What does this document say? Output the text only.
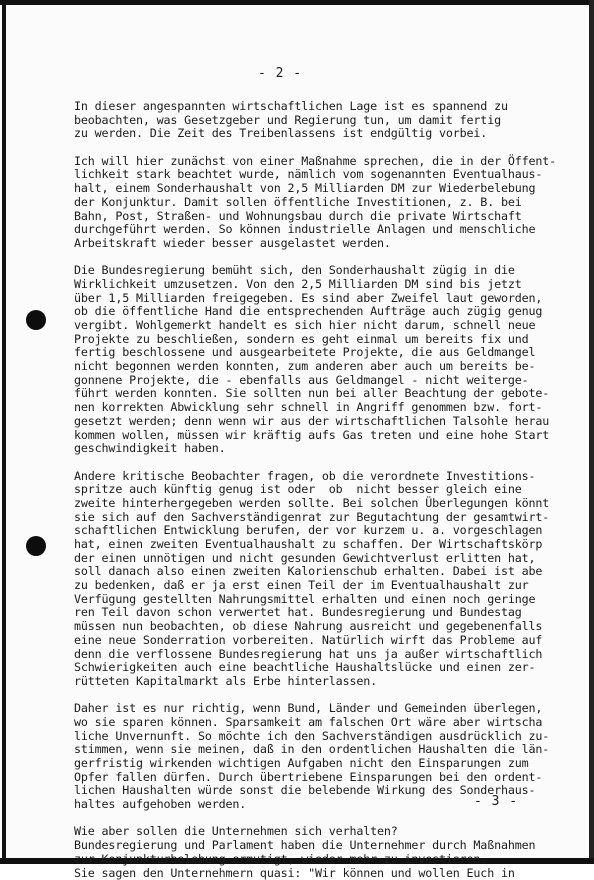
- 2 -
In dieser angespannten wirtschaftlichen Lage ist es spannend zu
beobachten, was Gesetzgeber und Regierung tun, um damit fertig
zu werden. Die Zeit des Treibenlassens ist endgültig vorbei.
Ich will hier zunächst von einer Maßnahme sprechen, die in der Öffent-
lichkeit stark beachtet wurde, nämlich vom sogenannten Eventualhaus-
halt, einem Sonderhaushalt von 2,5 Milliarden DM zur Wiederbelebung
der Konjunktur. Damit sollen öffentliche Investitionen, z. B. bei
Bahn, Post, Straßen- und Wohnungsbau durch die private Wirtschaft
durchgeführt werden. So können industrielle Anlagen und menschliche
Arbeitskraft wieder besser ausgelastet werden.
Die Bundesregierung bemüht sich, den Sonderhaushalt zügig in die
Wirklichkeit umzusetzen. Von den 2,5 Milliarden DM sind bis jetzt
über 1,5 Milliarden freigegeben. Es sind aber Zweifel laut geworden,
ob die öffentliche Hand die entsprechenden Aufträge auch zügig genug
vergibt. Wohlgemerkt handelt es sich hier nicht darum, schnell neue
Projekte zu beschließen, sondern es geht einmal um bereits fix und
fertig beschlossene und ausgearbeitete Projekte, die aus Geldmangel
nicht begonnen werden konnten, zum anderen aber auch um bereits be-
gonnene Projekte, die - ebenfalls aus Geldmangel - nicht weiterge-
führt werden konnten. Sie sollten nun bei aller Beachtung der gebote-
nen korrekten Abwicklung sehr schnell in Angriff genommen bzw. fort-
gesetzt werden; denn wenn wir aus der wirtschaftlichen Talsohle herau
kommen wollen, müssen wir kräftig aufs Gas treten und eine hohe Start
geschwindigkeit haben.
Andere kritische Beobachter fragen, ob die verordnete Investitions-
spritze auch künftig genug ist oder  ob  nicht besser gleich eine
zweite hinterhergegeben werden sollte. Bei solchen Überlegungen könnt
sie sich auf den Sachverständigenrat zur Begutachtung der gesamtwirt-
schaftlichen Entwicklung berufen, der vor kurzem u. a. vorgeschlagen
hat, einen zweiten Eventualhaushalt zu schaffen. Der Wirtschaftskörp
der einen unnötigen und nicht gesunden Gewichtverlust erlitten hat,
soll danach also einen zweiten Kalorienschub erhalten. Dabei ist abe
zu bedenken, daß er ja erst einen Teil der im Eventualhaushalt zur
Verfügung gestellten Nahrungsmittel erhalten und einen noch geringe
ren Teil davon schon verwertet hat. Bundesregierung und Bundestag
müssen nun beobachten, ob diese Nahrung ausreicht und gegebenenfalls
eine neue Sonderration vorbereiten. Natürlich wirft das Probleme auf
denn die verflossene Bundesregierung hat uns ja außer wirtschaftlich
Schwierigkeiten auch eine beachtliche Haushaltslücke und einen zer-
rütteten Kapitalmarkt als Erbe hinterlassen.
Daher ist es nur richtig, wenn Bund, Länder und Gemeinden überlegen,
wo sie sparen können. Sparsamkeit am falschen Ort wäre aber wirtscha
liche Unvernunft. So möchte ich den Sachverständigen ausdrücklich zu-
stimmen, wenn sie meinen, daß in den ordentlichen Haushalten die län-
gerfristig wirkenden wichtigen Aufgaben nicht den Einsparungen zum
Opfer fallen dürfen. Durch übertriebene Einsparungen bei den ordent-
lichen Haushalten würde sonst die belebende Wirkung des Sonderhaus-
haltes aufgehoben werden.
Wie aber sollen die Unternehmen sich verhalten?
Bundesregierung und Parlament haben die Unternehmer durch Maßnahmen
zur Konjunkturbelebung ermutigt, wieder mehr zu investieren.
Sie sagen den Unternehmern quasi: "Wir können und wollen Euch in
- 3 -
